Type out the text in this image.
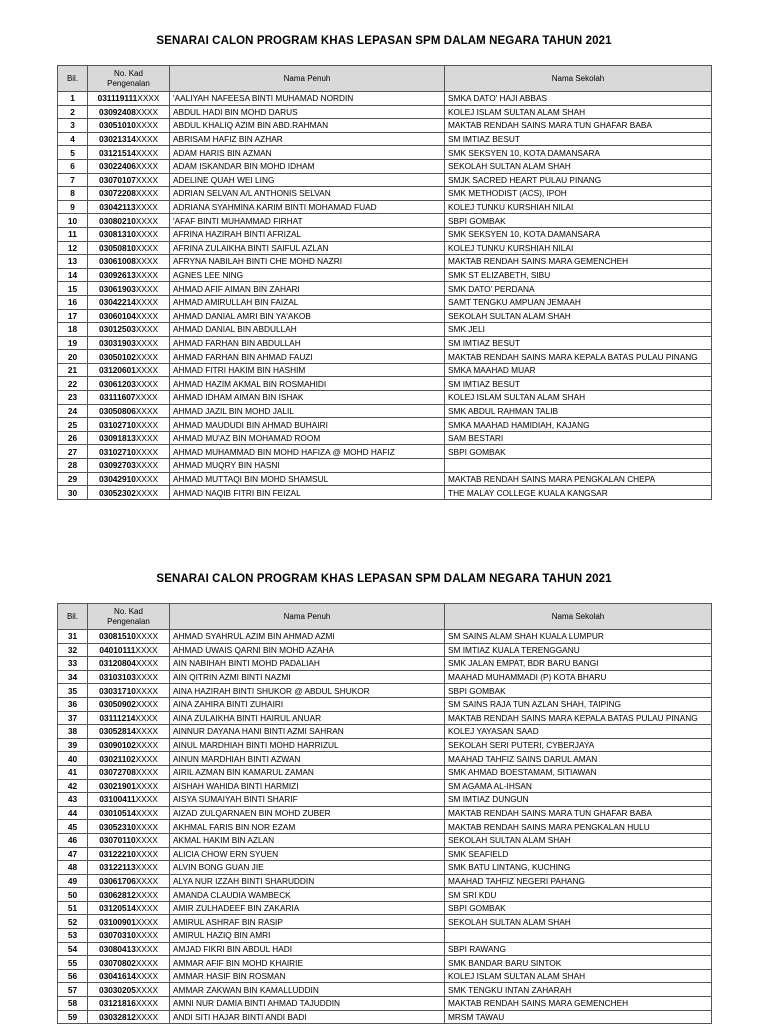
SENARAI CALON PROGRAM KHAS LEPASAN SPM DALAM NEGARA TAHUN 2021
Bil.	No. Kad Pengenalan	Nama Penuh	Nama Sekolah
1	031119111XXXX	'AALIYAH NAFEESA BINTI MUHAMAD NORDIN	SMKA DATO' HAJI ABBAS
2	03092408XXXX	ABDUL HADI BIN MOHD DARUS	KOLEJ ISLAM SULTAN ALAM SHAH
3	03051010XXXX	ABDUL KHALIQ AZIM BIN ABD.RAHMAN	MAKTAB RENDAH SAINS MARA TUN GHAFAR BABA
4	03021314XXXX	ABRISAM HAFIZ BIN AZHAR	SM IMTIAZ BESUT
5	03121514XXXX	ADAM HARIS BIN AZMAN	SMK SEKSYEN 10, KOTA DAMANSARA
6	03022406XXXX	ADAM ISKANDAR BIN MOHD IDHAM	SEKOLAH SULTAN ALAM SHAH
7	03070107XXXX	ADELINE QUAH WEI LING	SMJK SACRED HEART PULAU PINANG
8	03072208XXXX	ADRIAN SELVAN A/L ANTHONIS SELVAN	SMK METHODIST (ACS), IPOH
9	03042113XXXX	ADRIANA SYAHMINA KARIM BINTI MOHAMAD FUAD	KOLEJ TUNKU KURSHIAH NILAI
10	03080210XXXX	'AFAF BINTI MUHAMMAD FIRHAT	SBPI GOMBAK
11	03081310XXXX	AFRINA HAZIRAH BINTI AFRIZAL	SMK SEKSYEN 10, KOTA DAMANSARA
12	03050810XXXX	AFRINA ZULAIKHA BINTI SAIFUL AZLAN	KOLEJ TUNKU KURSHIAH NILAI
13	03061008XXXX	AFRYNA NABILAH BINTI CHE MOHD NAZRI	MAKTAB RENDAH SAINS MARA GEMENCHEH
14	03092613XXXX	AGNES LEE NING	SMK ST ELIZABETH, SIBU
15	03061903XXXX	AHMAD AFIF AIMAN BIN ZAHARI	SMK DATO' PERDANA
16	03042214XXXX	AHMAD AMIRULLAH BIN FAIZAL	SAMT TENGKU AMPUAN JEMAAH
17	03060104XXXX	AHMAD DANIAL AMRI BIN YA'AKOB	SEKOLAH SULTAN ALAM SHAH
18	03012503XXXX	AHMAD DANIAL BIN ABDULLAH	SMK JELI
19	03031903XXXX	AHMAD FARHAN BIN ABDULLAH	SM IMTIAZ BESUT
20	03050102XXXX	AHMAD FARHAN BIN AHMAD FAUZI	MAKTAB RENDAH SAINS MARA KEPALA BATAS PULAU PINANG
21	03120601XXXX	AHMAD FITRI HAKIM BIN HASHIM	SMKA MAAHAD MUAR
22	03061203XXXX	AHMAD HAZIM AKMAL BIN ROSMAHIDI	SM IMTIAZ BESUT
23	03111607XXXX	AHMAD IDHAM AIMAN BIN ISHAK	KOLEJ ISLAM SULTAN ALAM SHAH
24	03050806XXXX	AHMAD JAZIL BIN MOHD JALIL	SMK ABDUL RAHMAN TALIB
25	03102710XXXX	AHMAD MAUDUDI BIN AHMAD BUHAIRI	SMKA MAAHAD HAMIDIAH, KAJANG
26	03091813XXXX	AHMAD MU'AZ BIN MOHAMAD ROOM	SAM BESTARI
27	03102710XXXX	AHMAD MUHAMMAD BIN MOHD HAFIZA @ MOHD HAFIZ	SBPI GOMBAK
28	03092703XXXX	AHMAD MUQRY BIN HASNI	
29	03042910XXXX	AHMAD MUTTAQI BIN MOHD SHAMSUL	MAKTAB RENDAH SAINS MARA PENGKALAN CHEPA
30	03052302XXXX	AHMAD NAQIB FITRI BIN FEIZAL	THE MALAY COLLEGE KUALA KANGSAR
SENARAI CALON PROGRAM KHAS LEPASAN SPM DALAM NEGARA TAHUN 2021
Bil.	No. Kad Pengenalan	Nama Penuh	Nama Sekolah
31	03081510XXXX	AHMAD SYAHRUL AZIM BIN AHMAD AZMI	SM SAINS ALAM SHAH KUALA LUMPUR
32	04010111XXXX	AHMAD UWAIS QARNI BIN MOHD AZAHA	SM IMTIAZ KUALA TERENGGANU
33	03120804XXXX	AIN NABIHAH BINTI MOHD PADALIAH	SMK JALAN EMPAT, BDR BARU BANGI
34	03103103XXXX	AIN QITRIN AZMI BINTI NAZMI	MAAHAD MUHAMMADI (P) KOTA BHARU
35	03031710XXXX	AINA HAZIRAH BINTI SHUKOR @ ABDUL SHUKOR	SBPI GOMBAK
36	03050902XXXX	AINA ZAHIRA BINTI ZUHAIRI	SM SAINS RAJA TUN AZLAN SHAH, TAIPING
37	03111214XXXX	AINA ZULAIKHA BINTI HAIRUL ANUAR	MAKTAB RENDAH SAINS MARA KEPALA BATAS PULAU PINANG
38	03052814XXXX	AINNUR DAYANA HANI BINTI AZMI SAHRAN	KOLEJ YAYASAN SAAD
39	03090102XXXX	AINUL MARDHIAH BINTI MOHD HARRIZUL	SEKOLAH SERI PUTERI, CYBERJAYA
40	03021102XXXX	AINUN MARDHIAH BINTI AZWAN	MAAHAD TAHFIZ SAINS DARUL AMAN
41	03072708XXXX	AIRIL AZMAN BIN KAMARUL ZAMAN	SMK AHMAD BOESTAMAM, SITIAWAN
42	03021901XXXX	AISHAH WAHIDA BINTI HARMIZI	SM AGAMA AL-IHSAN
43	03100411XXXX	AISYA SUMAIYAH BINTI SHARIF	SM IMTIAZ DUNGUN
44	03010514XXXX	AIZAD ZULQARNAEN BIN MOHD ZUBER	MAKTAB RENDAH SAINS MARA TUN GHAFAR BABA
45	03052310XXXX	AKHMAL FARIS BIN NOR EZAM	MAKTAB RENDAH SAINS MARA PENGKALAN HULU
46	03070110XXXX	AKMAL HAKIM BIN AZLAN	SEKOLAH SULTAN ALAM SHAH
47	03122210XXXX	ALICIA CHOW ERN SYUEN	SMK SEAFIELD
48	03122113XXXX	ALVIN BONG GUAN JIE	SMK BATU LINTANG, KUCHING
49	03061706XXXX	ALYA NUR IZZAH BINTI SHARUDDIN	MAAHAD TAHFIZ NEGERI PAHANG
50	03062812XXXX	AMANDA CLAUDIA WAMBECK	SM SRI KDU
51	03120514XXXX	AMIR ZULHADEEF BIN ZAKARIA	SBPI GOMBAK
52	03100901XXXX	AMIRUL ASHRAF BIN RASIP	SEKOLAH SULTAN ALAM SHAH
53	03070310XXXX	AMIRUL HAZIQ BIN AMRI	
54	03080413XXXX	AMJAD FIKRI BIN ABDUL HADI	SBPI RAWANG
55	03070802XXXX	AMMAR AFIF BIN MOHD KHAIRIE	SMK BANDAR BARU SINTOK
56	03041614XXXX	AMMAR HASIF BIN ROSMAN	KOLEJ ISLAM SULTAN ALAM SHAH
57	03030205XXXX	AMMAR ZAKWAN BIN KAMALLUDDIN	SMK TENGKU INTAN ZAHARAH
58	03121816XXXX	AMNI NUR DAMIA BINTI AHMAD TAJUDDIN	MAKTAB RENDAH SAINS MARA GEMENCHEH
59	03032812XXXX	ANDI SITI HAJAR BINTI ANDI BADI	MRSM TAWAU
